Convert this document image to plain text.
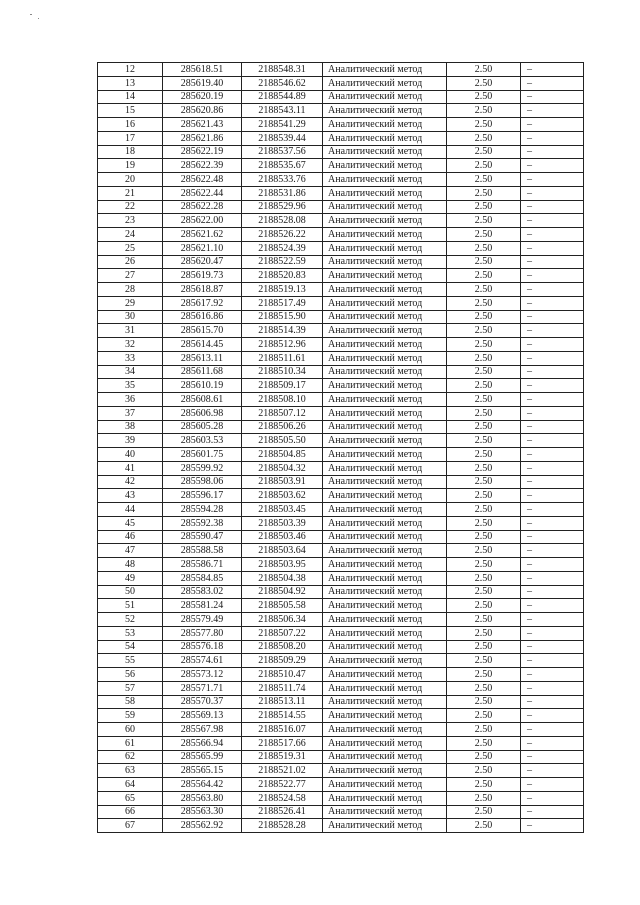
12	285618.51	2188548.31	Аналитический метод	2.50	–
13	285619.40	2188546.62	Аналитический метод	2.50	–
14	285620.19	2188544.89	Аналитический метод	2.50	–
15	285620.86	2188543.11	Аналитический метод	2.50	–
16	285621.43	2188541.29	Аналитический метод	2.50	–
17	285621.86	2188539.44	Аналитический метод	2.50	–
18	285622.19	2188537.56	Аналитический метод	2.50	–
19	285622.39	2188535.67	Аналитический метод	2.50	–
20	285622.48	2188533.76	Аналитический метод	2.50	–
21	285622.44	2188531.86	Аналитический метод	2.50	–
22	285622.28	2188529.96	Аналитический метод	2.50	–
23	285622.00	2188528.08	Аналитический метод	2.50	–
24	285621.62	2188526.22	Аналитический метод	2.50	–
25	285621.10	2188524.39	Аналитический метод	2.50	–
26	285620.47	2188522.59	Аналитический метод	2.50	–
27	285619.73	2188520.83	Аналитический метод	2.50	–
28	285618.87	2188519.13	Аналитический метод	2.50	–
29	285617.92	2188517.49	Аналитический метод	2.50	–
30	285616.86	2188515.90	Аналитический метод	2.50	–
31	285615.70	2188514.39	Аналитический метод	2.50	–
32	285614.45	2188512.96	Аналитический метод	2.50	–
33	285613.11	2188511.61	Аналитический метод	2.50	–
34	285611.68	2188510.34	Аналитический метод	2.50	–
35	285610.19	2188509.17	Аналитический метод	2.50	–
36	285608.61	2188508.10	Аналитический метод	2.50	–
37	285606.98	2188507.12	Аналитический метод	2.50	–
38	285605.28	2188506.26	Аналитический метод	2.50	–
39	285603.53	2188505.50	Аналитический метод	2.50	–
40	285601.75	2188504.85	Аналитический метод	2.50	–
41	285599.92	2188504.32	Аналитический метод	2.50	–
42	285598.06	2188503.91	Аналитический метод	2.50	–
43	285596.17	2188503.62	Аналитический метод	2.50	–
44	285594.28	2188503.45	Аналитический метод	2.50	–
45	285592.38	2188503.39	Аналитический метод	2.50	–
46	285590.47	2188503.46	Аналитический метод	2.50	–
47	285588.58	2188503.64	Аналитический метод	2.50	–
48	285586.71	2188503.95	Аналитический метод	2.50	–
49	285584.85	2188504.38	Аналитический метод	2.50	–
50	285583.02	2188504.92	Аналитический метод	2.50	–
51	285581.24	2188505.58	Аналитический метод	2.50	–
52	285579.49	2188506.34	Аналитический метод	2.50	–
53	285577.80	2188507.22	Аналитический метод	2.50	–
54	285576.18	2188508.20	Аналитический метод	2.50	–
55	285574.61	2188509.29	Аналитический метод	2.50	–
56	285573.12	2188510.47	Аналитический метод	2.50	–
57	285571.71	2188511.74	Аналитический метод	2.50	–
58	285570.37	2188513.11	Аналитический метод	2.50	–
59	285569.13	2188514.55	Аналитический метод	2.50	–
60	285567.98	2188516.07	Аналитический метод	2.50	–
61	285566.94	2188517.66	Аналитический метод	2.50	–
62	285565.99	2188519.31	Аналитический метод	2.50	–
63	285565.15	2188521.02	Аналитический метод	2.50	–
64	285564.42	2188522.77	Аналитический метод	2.50	–
65	285563.80	2188524.58	Аналитический метод	2.50	–
66	285563.30	2188526.41	Аналитический метод	2.50	–
67	285562.92	2188528.28	Аналитический метод	2.50	–
